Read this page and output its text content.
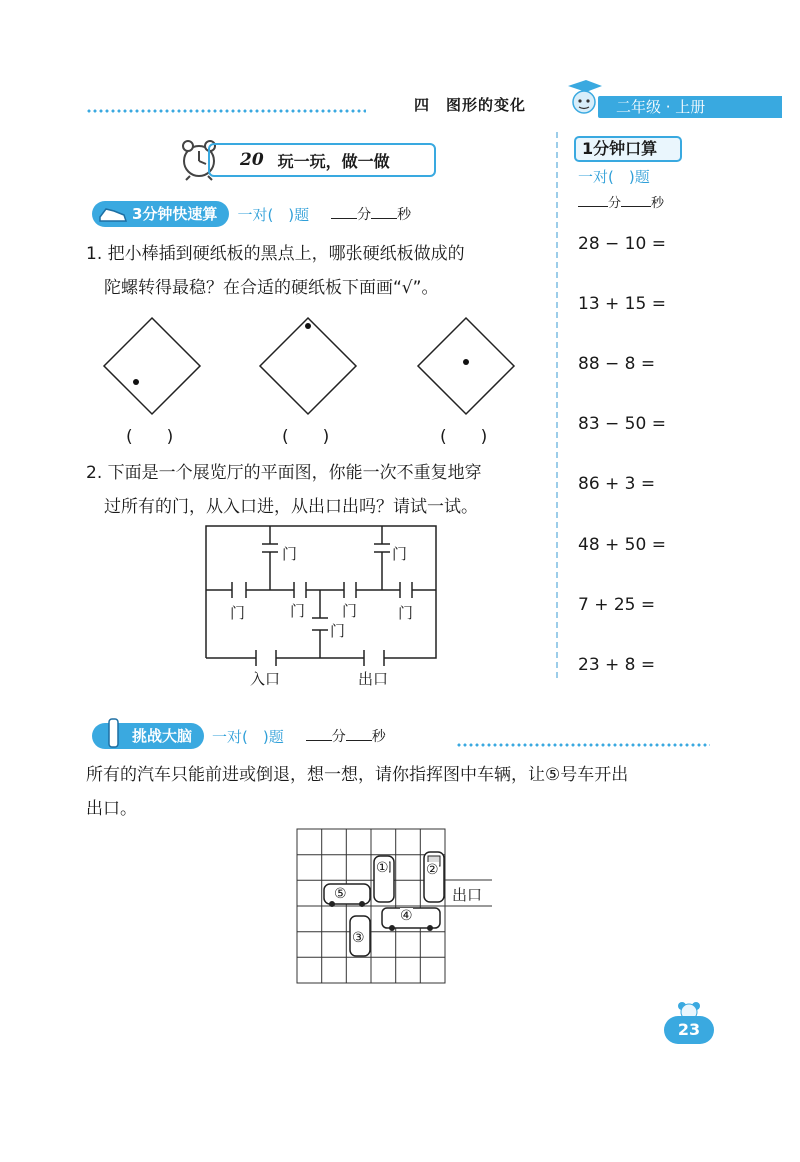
四　图形的变化	二年级 · 上册
20 玩一玩，做一做
3分钟快速算	一对(　)题	分 秒
1. 把小棒插到硬纸板的黑点上，哪张硬纸板做成的
陀螺转得最稳？在合适的硬纸板下面画“√”。
(　　)	(　　)	(　　)
2. 下面是一个展览厅的平面图，你能一次不重复地穿
过所有的门，从入口进，从出口出吗？请试一试。
门	门
门	门 门	门
门
入口	出口
1分钟口算
一对(　)题
分 秒
28 − 10 =
13 + 15 =
88 − 8 =
83 − 50 =
86 + 3 =
48 + 50 =
7 + 25 =
23 + 8 =
挑战大脑	一对(　)题	分 秒
所有的汽车只能前进或倒退，想一想，请你指挥图中车辆，让⑤号车开出
出口。
①	②
③
④
⑤	出口
23
